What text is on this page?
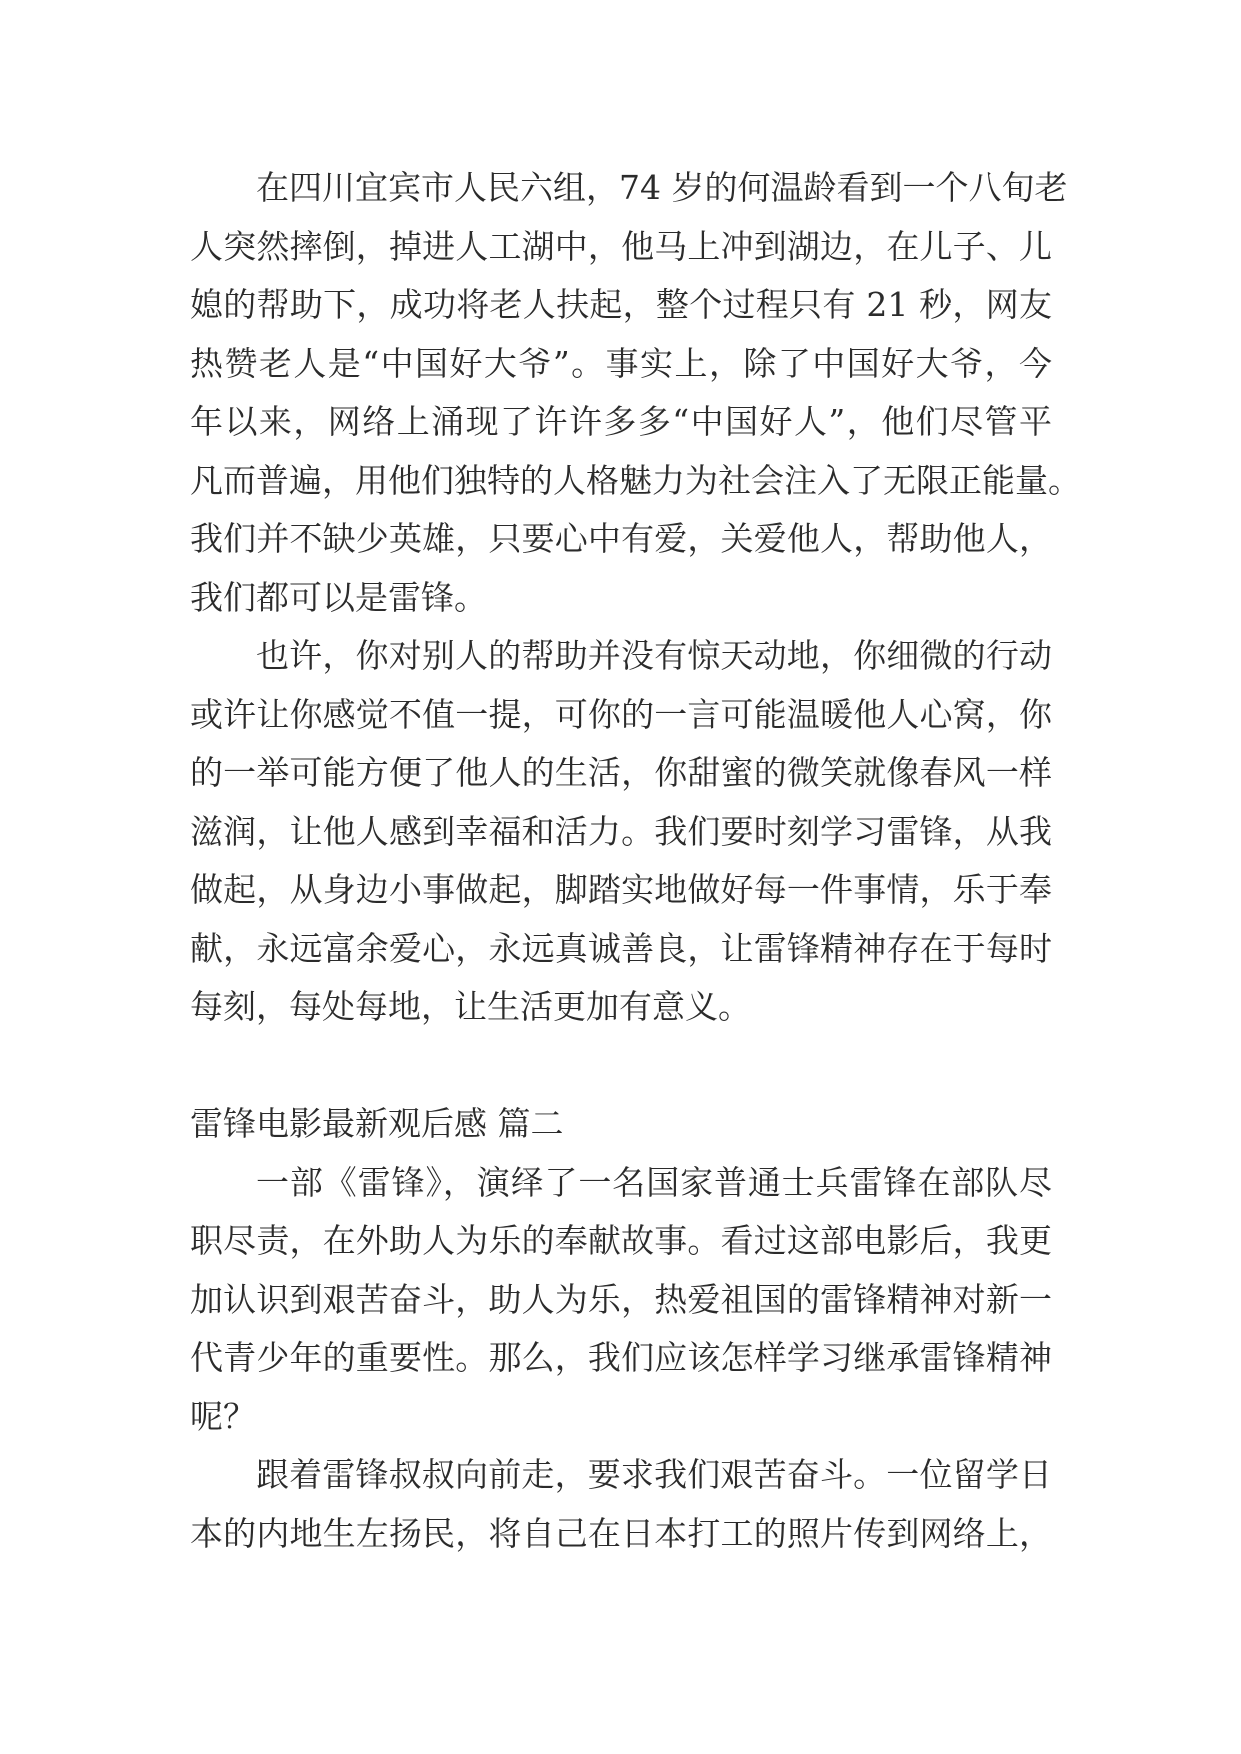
在四川宜宾市人民六组，74 岁的何温龄看到一个八旬老
人突然摔倒，掉进人工湖中，他马上冲到湖边，在儿子、儿
媳的帮助下，成功将老人扶起，整个过程只有 21 秒，网友
热赞老人是“中国好大爷”。事实上，除了中国好大爷，今
年以来，网络上涌现了许许多多“中国好人”，他们尽管平
凡而普遍，用他们独特的人格魅力为社会注入了无限正能量。
我们并不缺少英雄，只要心中有爱，关爱他人，帮助他人，
我们都可以是雷锋。
也许，你对别人的帮助并没有惊天动地，你细微的行动
或许让你感觉不值一提，可你的一言可能温暖他人心窝，你
的一举可能方便了他人的生活，你甜蜜的微笑就像春风一样
滋润，让他人感到幸福和活力。我们要时刻学习雷锋，从我
做起，从身边小事做起，脚踏实地做好每一件事情，乐于奉
献，永远富余爱心，永远真诚善良，让雷锋精神存在于每时
每刻，每处每地，让生活更加有意义。
雷锋电影最新观后感 篇二
一部《雷锋》，演绎了一名国家普通士兵雷锋在部队尽
职尽责，在外助人为乐的奉献故事。看过这部电影后，我更
加认识到艰苦奋斗，助人为乐，热爱祖国的雷锋精神对新一
代青少年的重要性。那么，我们应该怎样学习继承雷锋精神
呢？
跟着雷锋叔叔向前走，要求我们艰苦奋斗。一位留学日
本的内地生左扬民，将自己在日本打工的照片传到网络上，
